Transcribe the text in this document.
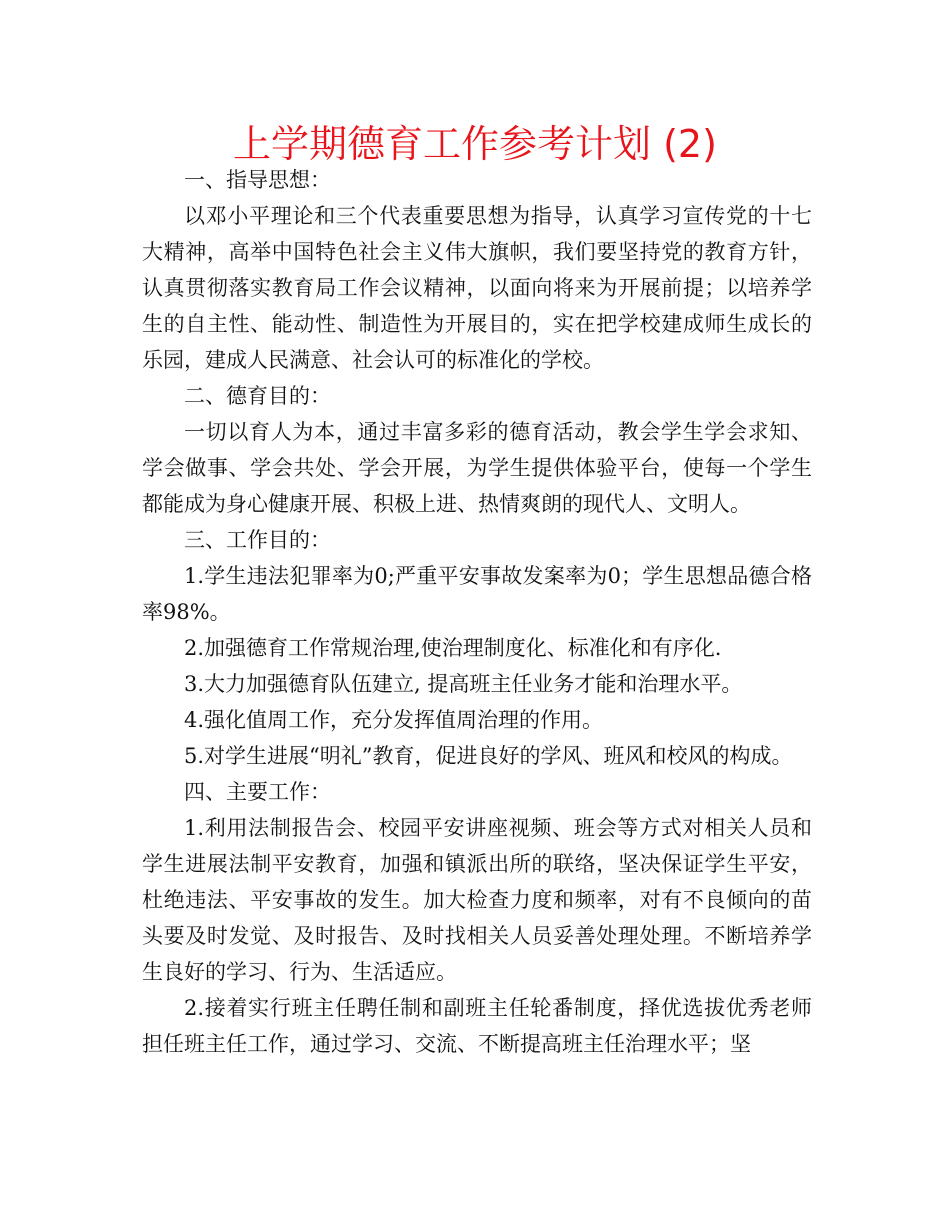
上学期德育工作参考计划 (2)

一、指导思想：

以邓小平理论和三个代表重要思想为指导，认真学习宣传党的十七大精神，高举中国特色社会主义伟大旗帜，我们要坚持党的教育方针，认真贯彻落实教育局工作会议精神，以面向将来为开展前提；以培养学生的自主性、能动性、制造性为开展目的，实在把学校建成师生成长的乐园，建成人民满意、社会认可的标准化的学校。

二、德育目的：

一切以育人为本，通过丰富多彩的德育活动，教会学生学会求知、学会做事、学会共处、学会开展，为学生提供体验平台，使每一个学生都能成为身心健康开展、积极上进、热情爽朗的现代人、文明人。

三、工作目的：

1.学生违法犯罪率为0;严重平安事故发案率为0；学生思想品德合格率98%。

2.加强德育工作常规治理,使治理制度化、标准化和有序化.

3.大力加强德育队伍建立, 提高班主任业务才能和治理水平。

4.强化值周工作，充分发挥值周治理的作用。

5.对学生进展“明礼”教育，促进良好的学风、班风和校风的构成。

四、主要工作：

1.利用法制报告会、校园平安讲座视频、班会等方式对相关人员和学生进展法制平安教育，加强和镇派出所的联络，坚决保证学生平安，杜绝违法、平安事故的发生。加大检查力度和频率，对有不良倾向的苗头要及时发觉、及时报告、及时找相关人员妥善处理处理。不断培养学生良好的学习、行为、生活适应。

2.接着实行班主任聘任制和副班主任轮番制度，择优选拔优秀老师担任班主任工作，通过学习、交流、不断提高班主任治理水平；坚
